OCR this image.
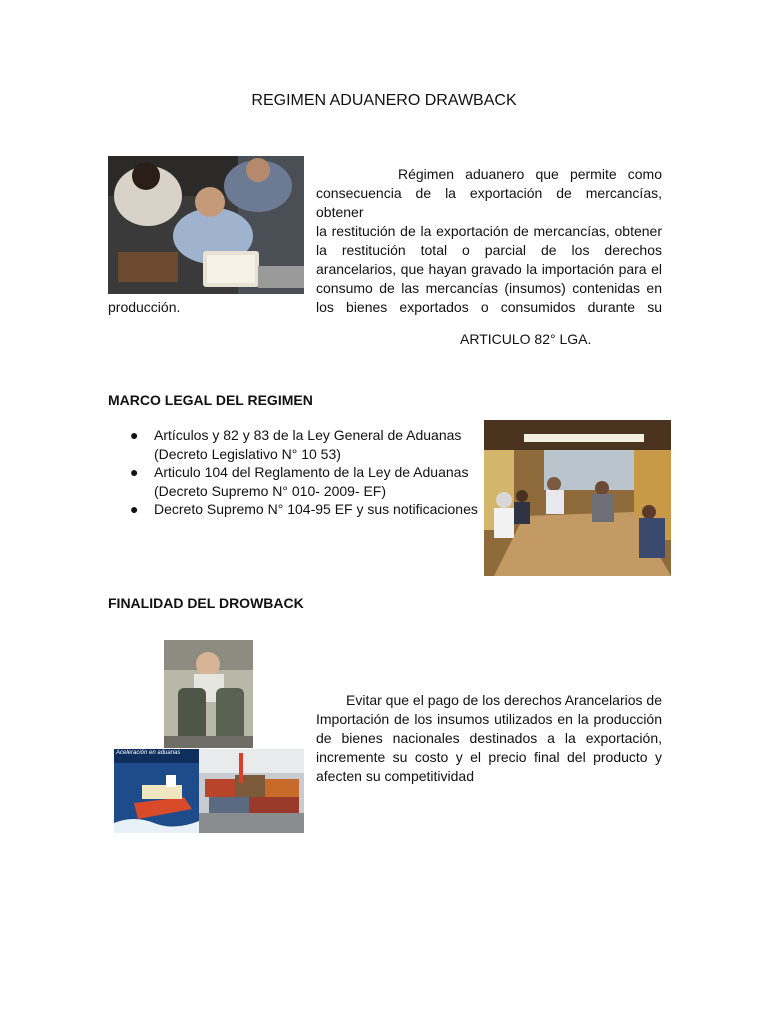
REGIMEN ADUANERO DRAWBACK
Régimen aduanero que permite como
consecuencia de la exportación de mercancías, obtener
la restitución de la exportación de mercancías, obtener
la restitución total o parcial de los derechos
arancelarios, que hayan gravado la importación para el
consumo de las mercancías (insumos) contenidas en
los bienes exportados o consumidos durante su
producción.
ARTICULO 82° LGA.
MARCO LEGAL DEL REGIMEN
● Artículos y 82 y 83 de la Ley General de Aduanas
(Decreto Legislativo N° 10 53)
● Articulo 104 del Reglamento de la Ley de Aduanas
(Decreto Supremo N° 010- 2009- EF)
● Decreto Supremo N° 104-95 EF y sus notificaciones
FINALIDAD DEL DROWBACK
Aceleración en aduanas
Evitar que el pago de los derechos Arancelarios de
Importación de los insumos utilizados en la producción
de bienes nacionales destinados a la exportación,
incremente su costo y el precio final del producto y
afecten su competitividad
